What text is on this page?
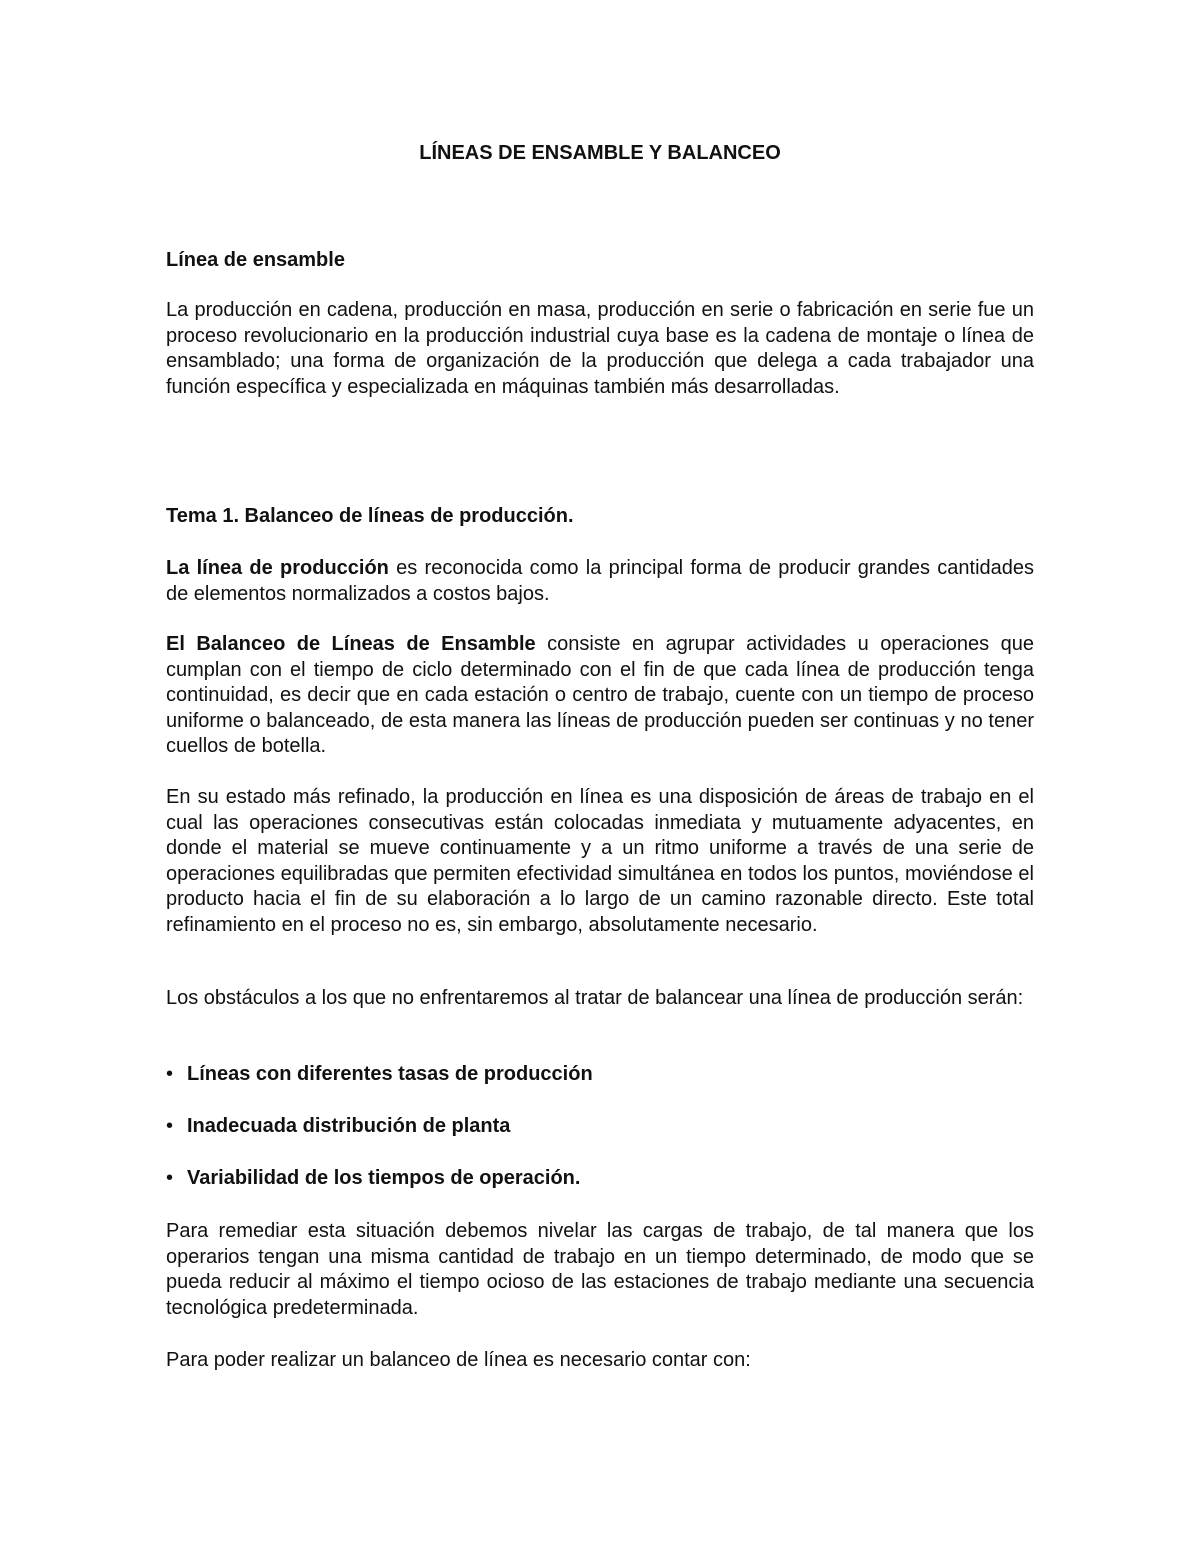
LÍNEAS DE ENSAMBLE Y BALANCEO
Línea de ensamble

La producción en cadena, producción en masa, producción en serie o fabricación en serie fue un proceso revolucionario en la producción industrial cuya base es la cadena de montaje o línea de ensamblado; una forma de organización de la producción que delega a cada trabajador una función específica y especializada en máquinas también más desarrolladas.

Tema 1. Balanceo de líneas de producción.

La línea de producción es reconocida como la principal forma de producir grandes cantidades de elementos normalizados a costos bajos.

El Balanceo de Líneas de Ensamble consiste en agrupar actividades u operaciones que cumplan con el tiempo de ciclo determinado con el fin de que cada línea de producción tenga continuidad, es decir que en cada estación o centro de trabajo, cuente con un tiempo de proceso uniforme o balanceado, de esta manera las líneas de producción pueden ser continuas y no tener cuellos de botella.

En su estado más refinado, la producción en línea es una disposición de áreas de trabajo en el cual las operaciones consecutivas están colocadas inmediata y mutuamente adyacentes, en donde el material se mueve continuamente y a un ritmo uniforme a través de una serie de operaciones equilibradas que permiten efectividad simultánea en todos los puntos, moviéndose el producto hacia el fin de su elaboración a lo largo de un camino razonable directo. Este total refinamiento en el proceso no es, sin embargo, absolutamente necesario.

Los obstáculos a los que no enfrentaremos al tratar de balancear una línea de producción serán:

• Líneas con diferentes tasas de producción
• Inadecuada distribución de planta
• Variabilidad de los tiempos de operación.

Para remediar esta situación debemos nivelar las cargas de trabajo, de tal manera que los operarios tengan una misma cantidad de trabajo en un tiempo determinado, de modo que se pueda reducir al máximo el tiempo ocioso de las estaciones de trabajo mediante una secuencia tecnológica predeterminada.

Para poder realizar un balanceo de línea es necesario contar con:
